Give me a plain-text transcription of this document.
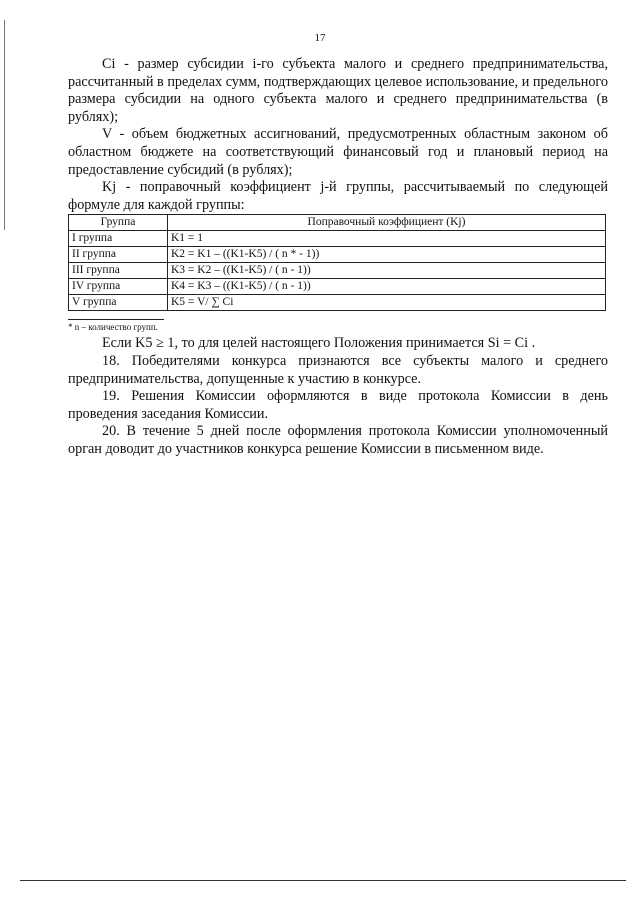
17

Ci - размер субсидии i-го субъекта малого и среднего предпринимательства, рассчитанный в пределах сумм, подтверждающих целевое использование, и предельного размера субсидии на одного субъекта малого и среднего предпринимательства (в рублях);

V - объем бюджетных ассигнований, предусмотренных областным законом об областном бюджете на соответствующий финансовый год и плановый период на предоставление субсидий (в рублях);

Kj - поправочный коэффициент j-й группы, рассчитываемый по следующей формуле для каждой группы:

Группа	Поправочный коэффициент (Kj)
I группа	K1 = 1
II группа	K2 = K1 – ((K1-K5) / ( n * - 1))
III группа	K3 = K2 – ((K1-K5) / ( n - 1))
IV группа	K4 = K3 – ((K1-K5) / ( n - 1))
V группа	K5 = V/ ∑ Ci
* n – количество групп.

Если K5 ≥ 1, то для целей настоящего Положения принимается Si = Ci .

18. Победителями конкурса признаются все субъекты малого и среднего предпринимательства, допущенные к участию в конкурсе.

19. Решения Комиссии оформляются в виде протокола Комиссии в день проведения заседания Комиссии.

20. В течение 5 дней после оформления протокола Комиссии уполномоченный орган доводит до участников конкурса решение Комиссии в письменном виде.
